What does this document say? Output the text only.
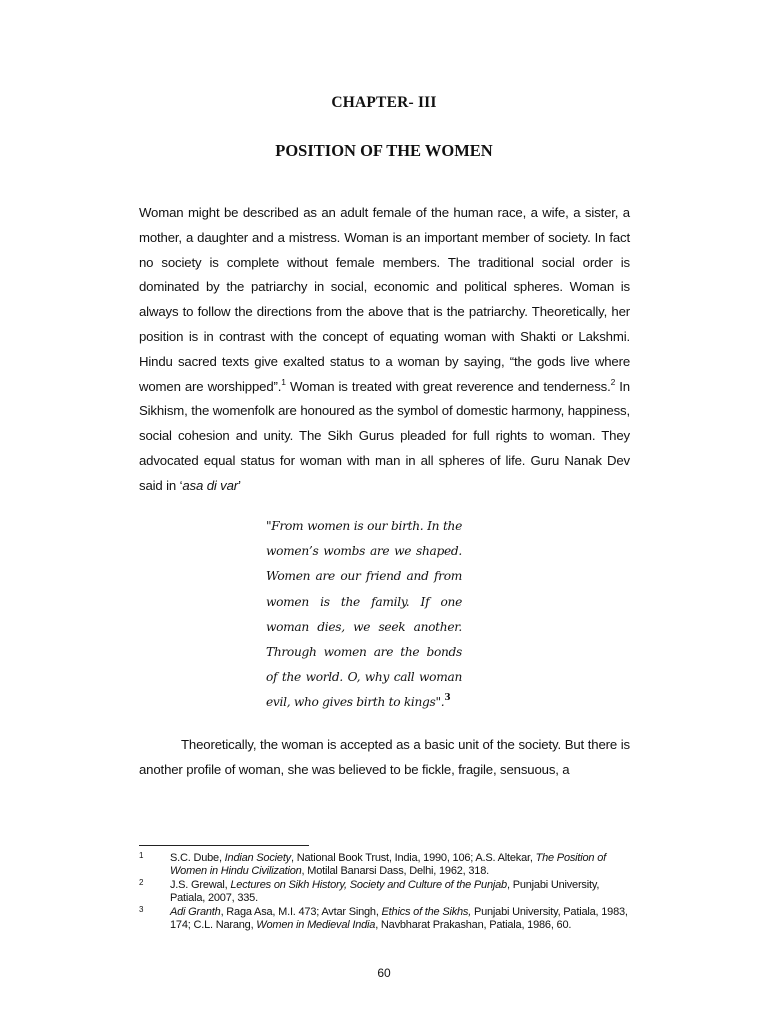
CHAPTER- III
POSITION OF THE WOMEN

Woman might be described as an adult female of the human race, a wife, a sister, a mother, a daughter and a mistress. Woman is an important member of society. In fact no society is complete without female members. The traditional social order is dominated by the patriarchy in social, economic and political spheres. Woman is always to follow the directions from the above that is the patriarchy. Theoretically, her position is in contrast with the concept of equating woman with Shakti or Lakshmi. Hindu sacred texts give exalted status to a woman by saying, “the gods live where women are worshipped”.$^1$ Woman is treated with great reverence and tenderness.$^2$ In Sikhism, the womenfolk are honoured as the symbol of domestic harmony, happiness, social cohesion and unity. The Sikh Gurus pleaded for full rights to woman. They advocated equal status for woman with man in all spheres of life. Guru Nanak Dev said in ‘asa di var’

"From women is our birth. In the women’s wombs are we shaped. Women are our friend and from women is the family. If one woman dies, we seek another. Through women are the bonds of the world. O, why call woman evil, who gives birth to kings".$^3$

Theoretically, the woman is accepted as a basic unit of the society. But there is another profile of woman, she was believed to be fickle, fragile, sensuous, a

1 S.C. Dube, Indian Society, National Book Trust, India, 1990, 106; A.S. Altekar, The Position of Women in Hindu Civilization, Motilal Banarsi Dass, Delhi, 1962, 318.
2 J.S. Grewal, Lectures on Sikh History, Society and Culture of the Punjab, Punjabi University, Patiala, 2007, 335.
3 Adi Granth, Raga Asa, M.I. 473; Avtar Singh, Ethics of the Sikhs, Punjabi University, Patiala, 1983, 174; C.L. Narang, Women in Medieval India, Navbharat Prakashan, Patiala, 1986, 60.
60
